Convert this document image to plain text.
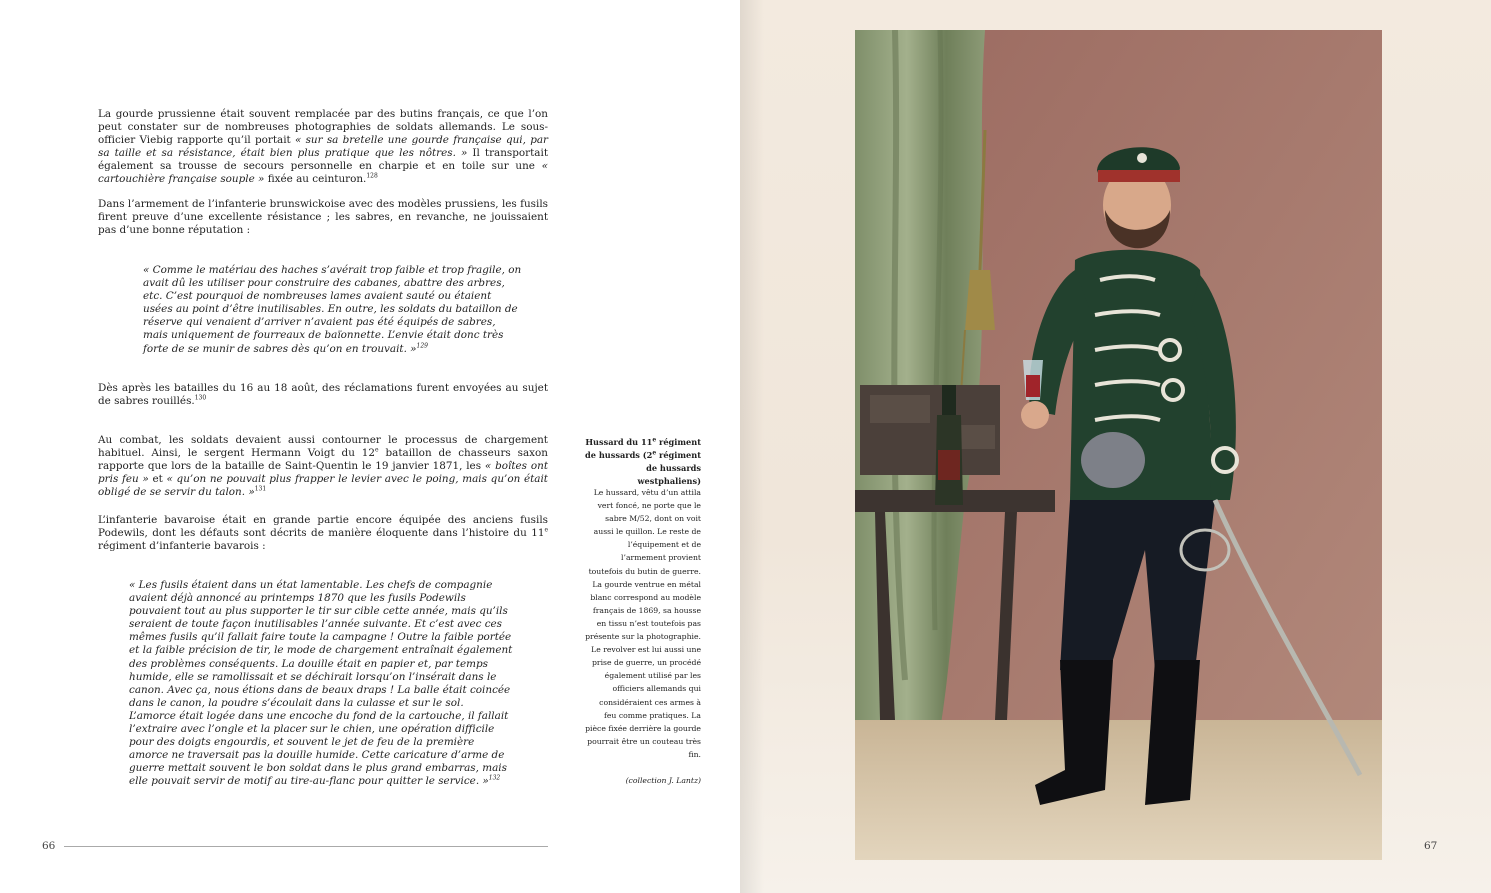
La gourde prussienne était souvent remplacée par des butins français, ce que l’on peut constater sur de nombreuses photographies de soldats allemands. Le sous-officier Viebig rapporte qu’il portait « sur sa bretelle une gourde française qui, par sa taille et sa résistance, était bien plus pratique que les nôtres. » Il transportait également sa trousse de secours personnelle en charpie et en toile sur une « cartouchière française souple » fixée au ceinturon.$^{128}$

Dans l’armement de l’infanterie brunswickoise avec des modèles prussiens, les fusils firent preuve d’une excellente résistance ; les sabres, en revanche, ne jouissaient pas d’une bonne réputation :

« Comme le matériau des haches s’avérait trop faible et trop fragile, on avait dû les utiliser pour construire des cabanes, abattre des arbres, etc. C’est pourquoi de nombreuses lames avaient sauté ou étaient usées au point d’être inutilisables. En outre, les soldats du bataillon de réserve qui venaient d’arriver n’avaient pas été équipés de sabres, mais uniquement de fourreaux de baïonnette. L’envie était donc très forte de se munir de sabres dès qu’on en trouvait. »$^{129}$

Dès après les batailles du 16 au 18 août, des réclamations furent envoyées au sujet de sabres rouillés.$^{130}$

Au combat, les soldats devaient aussi contourner le processus de chargement habituel. Ainsi, le sergent Hermann Voigt du 12e bataillon de chasseurs saxon rapporte que lors de la bataille de Saint-Quentin le 19 janvier 1871, les « boîtes ont pris feu » et « qu’on ne pouvait plus frapper le levier avec le poing, mais qu’on était obligé de se servir du talon. »$^{131}$

L’infanterie bavaroise était en grande partie encore équipée des anciens fusils Podewils, dont les défauts sont décrits de manière éloquente dans l’histoire du 11e régiment d’infanterie bavarois :

« Les fusils étaient dans un état lamentable. Les chefs de compagnie avaient déjà annoncé au printemps 1870 que les fusils Podewils pouvaient tout au plus supporter le tir sur cible cette année, mais qu’ils seraient de toute façon inutilisables l’année suivante. Et c’est avec ces mêmes fusils qu’il fallait faire toute la campagne ! Outre la faible portée et la faible précision de tir, le mode de chargement entraînait également des problèmes conséquents. La douille était en papier et, par temps humide, elle se ramollissait et se déchirait lorsqu’on l’insérait dans le canon. Avec ça, nous étions dans de beaux draps ! La balle était coincée dans le canon, la poudre s’écoulait dans la culasse et sur le sol. L’amorce était logée dans une encoche du fond de la cartouche, il fallait l’extraire avec l’ongle et la placer sur le chien, une opération difficile pour des doigts engourdis, et souvent le jet de feu de la première amorce ne traversait pas la douille humide. Cette caricature d’arme de guerre mettait souvent le bon soldat dans le plus grand embarras, mais elle pouvait servir de motif au tire-au-flanc pour quitter le service. »$^{132}$

Hussard du 11e régiment de hussards (2e régiment de hussards westphaliens)
Le hussard, vêtu d’un attila vert foncé, ne porte que le sabre M/52, dont on voit aussi le quillon. Le reste de l’équipement et de l’armement provient toutefois du butin de guerre. La gourde ventrue en métal blanc correspond au modèle français de 1869, sa housse en tissu n’est toutefois pas présente sur la photographie. Le revolver est lui aussi une prise de guerre, un procédé également utilisé par les officiers allemands qui considéraient ces armes à feu comme pratiques. La pièce fixée derrière la gourde pourrait être un couteau très fin.
(collection J. Lantz)
66	67
